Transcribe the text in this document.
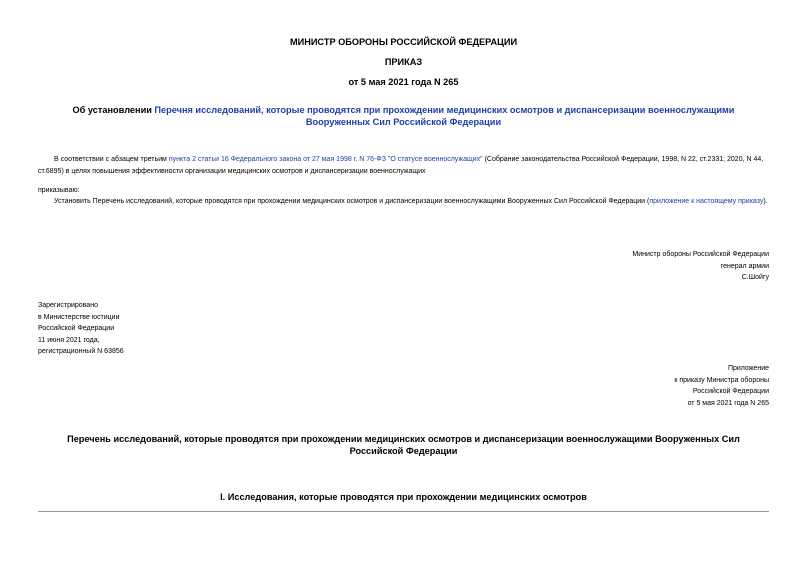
МИНИСТР ОБОРОНЫ РОССИЙСКОЙ ФЕДЕРАЦИИ
ПРИКАЗ
от 5 мая 2021 года N 265
Об установлении Перечня исследований, которые проводятся при прохождении медицинских осмотров и диспансеризации военнослужащими Вооруженных Сил Российской Федерации
В соответствии с абзацем третьим пункта 2 статьи 16 Федерального закона от 27 мая 1998 г. N 76-ФЗ "О статусе военнослужащих" (Собрание законодательства Российской Федерации, 1998, N 22, ст.2331; 2020, N 44, ст.6895) в целях повышения эффективности организации медицинских осмотров и диспансеризации военнослужащих
приказываю:
Установить Перечень исследований, которые проводятся при прохождении медицинских осмотров и диспансеризации военнослужащими Вооруженных Сил Российской Федерации (приложение к настоящему приказу).
Министр обороны Российской Федерации
генерал армии
С.Шойгу
Зарегистрировано
в Министерстве юстиции
Российской Федерации
11 июня 2021 года,
регистрационный N 63856
Приложение
к приказу Министра обороны
Российской Федерации
от 5 мая 2021 года N 265
Перечень исследований, которые проводятся при прохождении медицинских осмотров и диспансеризации военнослужащими Вооруженных Сил Российской Федерации
I. Исследования, которые проводятся при прохождении медицинских осмотров
